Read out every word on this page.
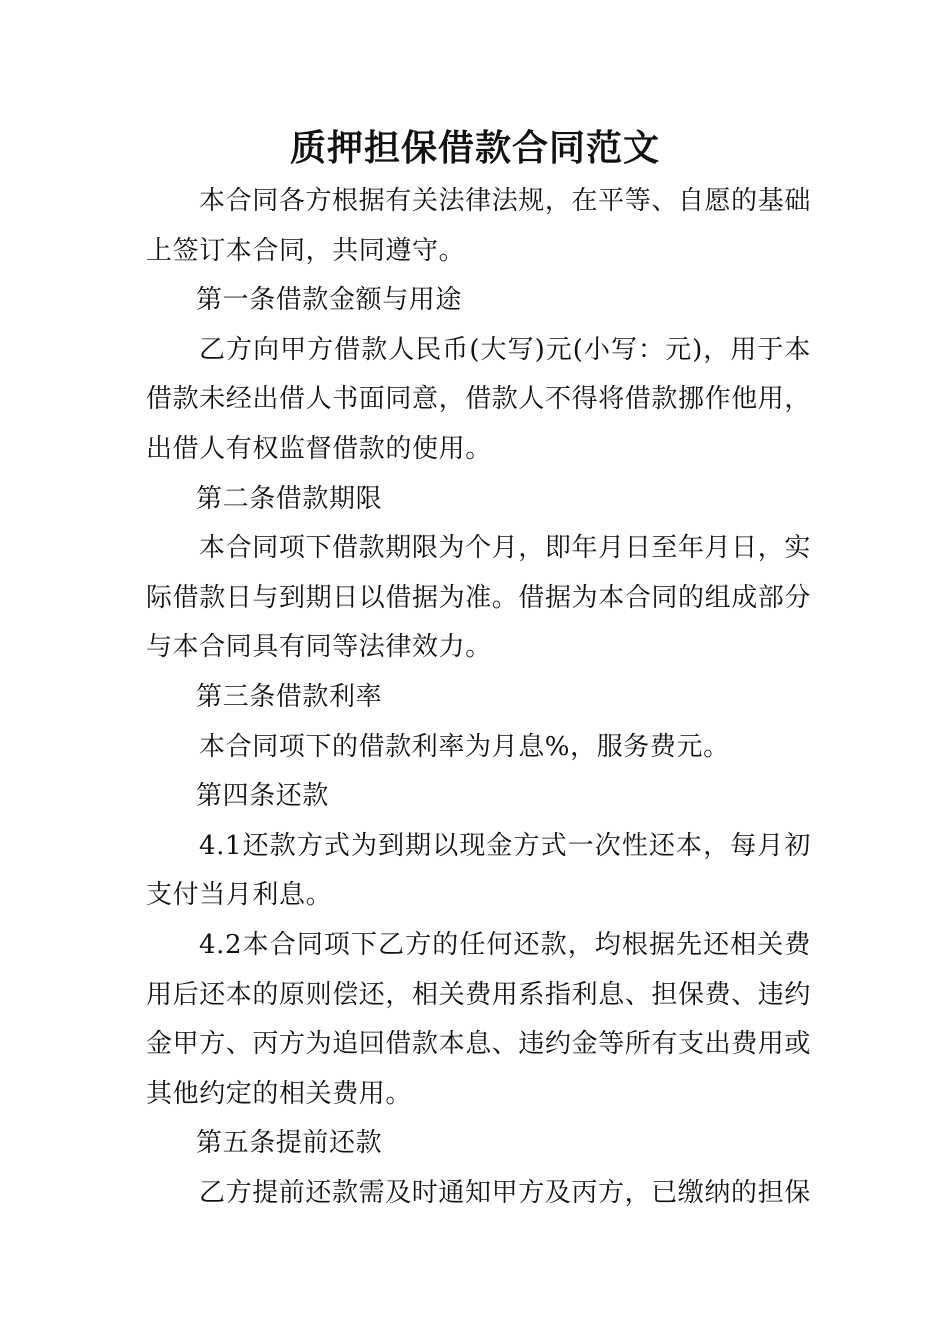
质押担保借款合同范文

本合同各方根据有关法律法规，在平等、自愿的基础上签订本合同，共同遵守。

第一条借款金额与用途

乙方向甲方借款人民币(大写)元(小写：元)，用于本借款未经出借人书面同意，借款人不得将借款挪作他用，出借人有权监督借款的使用。

第二条借款期限

本合同项下借款期限为个月，即年月日至年月日，实际借款日与到期日以借据为准。借据为本合同的组成部分与本合同具有同等法律效力。

第三条借款利率

本合同项下的借款利率为月息%，服务费元。

第四条还款

4.1还款方式为到期以现金方式一次性还本，每月初支付当月利息。

4.2本合同项下乙方的任何还款，均根据先还相关费用后还本的原则偿还，相关费用系指利息、担保费、违约金甲方、丙方为追回借款本息、违约金等所有支出费用或其他约定的相关费用。

第五条提前还款

乙方提前还款需及时通知甲方及丙方，已缴纳的担保
